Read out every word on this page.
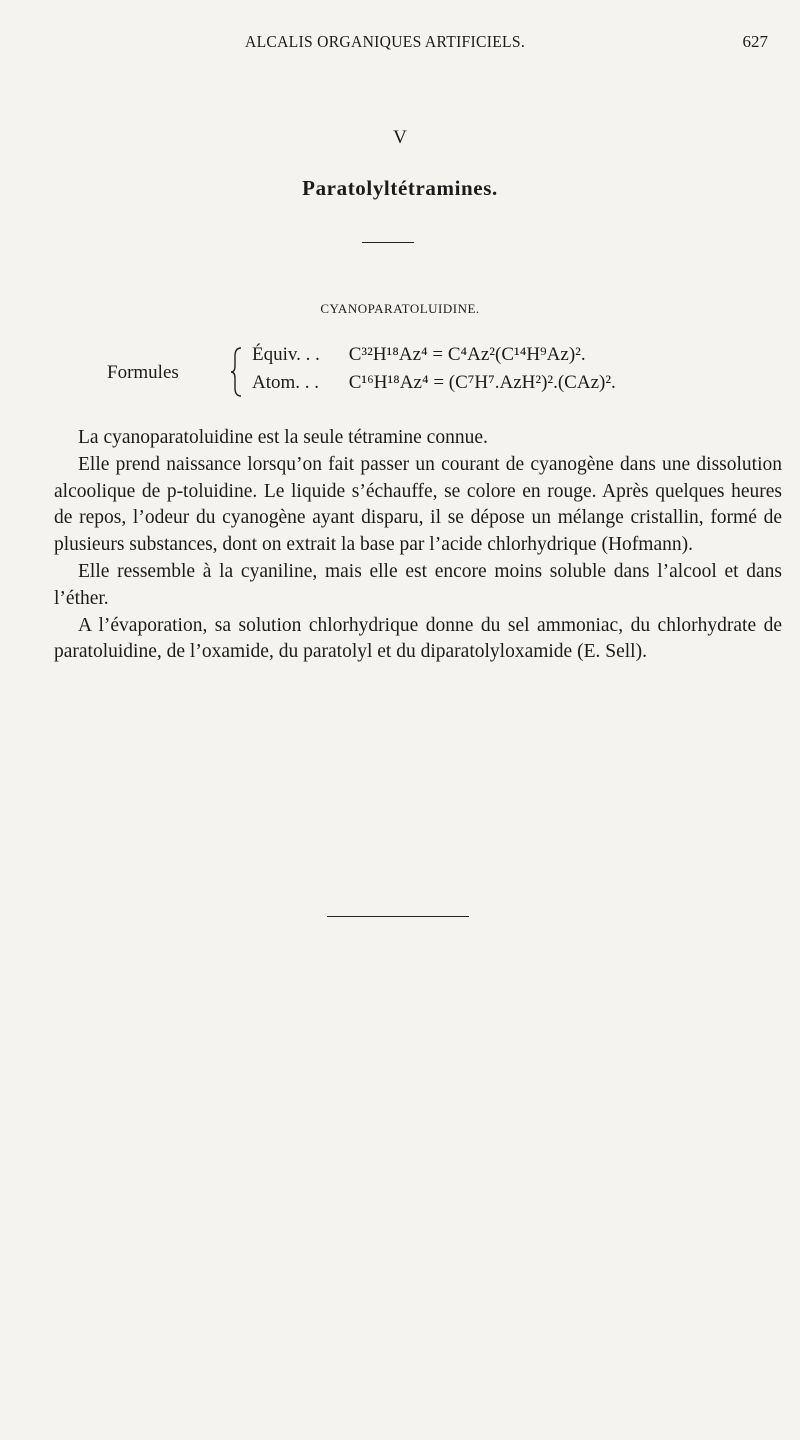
ALCALIS ORGANIQUES ARTIFICIELS.	627
V
Paratolyltétramines.
CYANOPARATOLUIDINE.
Formules
Équiv. . . C³²H¹⁸Az⁴ = C⁴Az²(C¹⁴H⁹Az)².
Atom. . . C¹⁶H¹⁸Az⁴ = (C⁷H⁷.AzH²)².(CAz)².

La cyanoparatoluidine est la seule tétramine connue.

Elle prend naissance lorsqu’on fait passer un courant de cyanogène dans une dissolution alcoolique de p-toluidine. Le liquide s’échauffe, se colore en rouge. Après quelques heures de repos, l’odeur du cyanogène ayant disparu, il se dépose un mélange cristallin, formé de plusieurs substances, dont on extrait la base par l’acide chlorhydrique (Hofmann).

Elle ressemble à la cyaniline, mais elle est encore moins soluble dans l’alcool et dans l’éther.

A l’évaporation, sa solution chlorhydrique donne du sel ammoniac, du chlorhydrate de paratoluidine, de l’oxamide, du paratolyl et du diparatolyloxamide (E. Sell).
